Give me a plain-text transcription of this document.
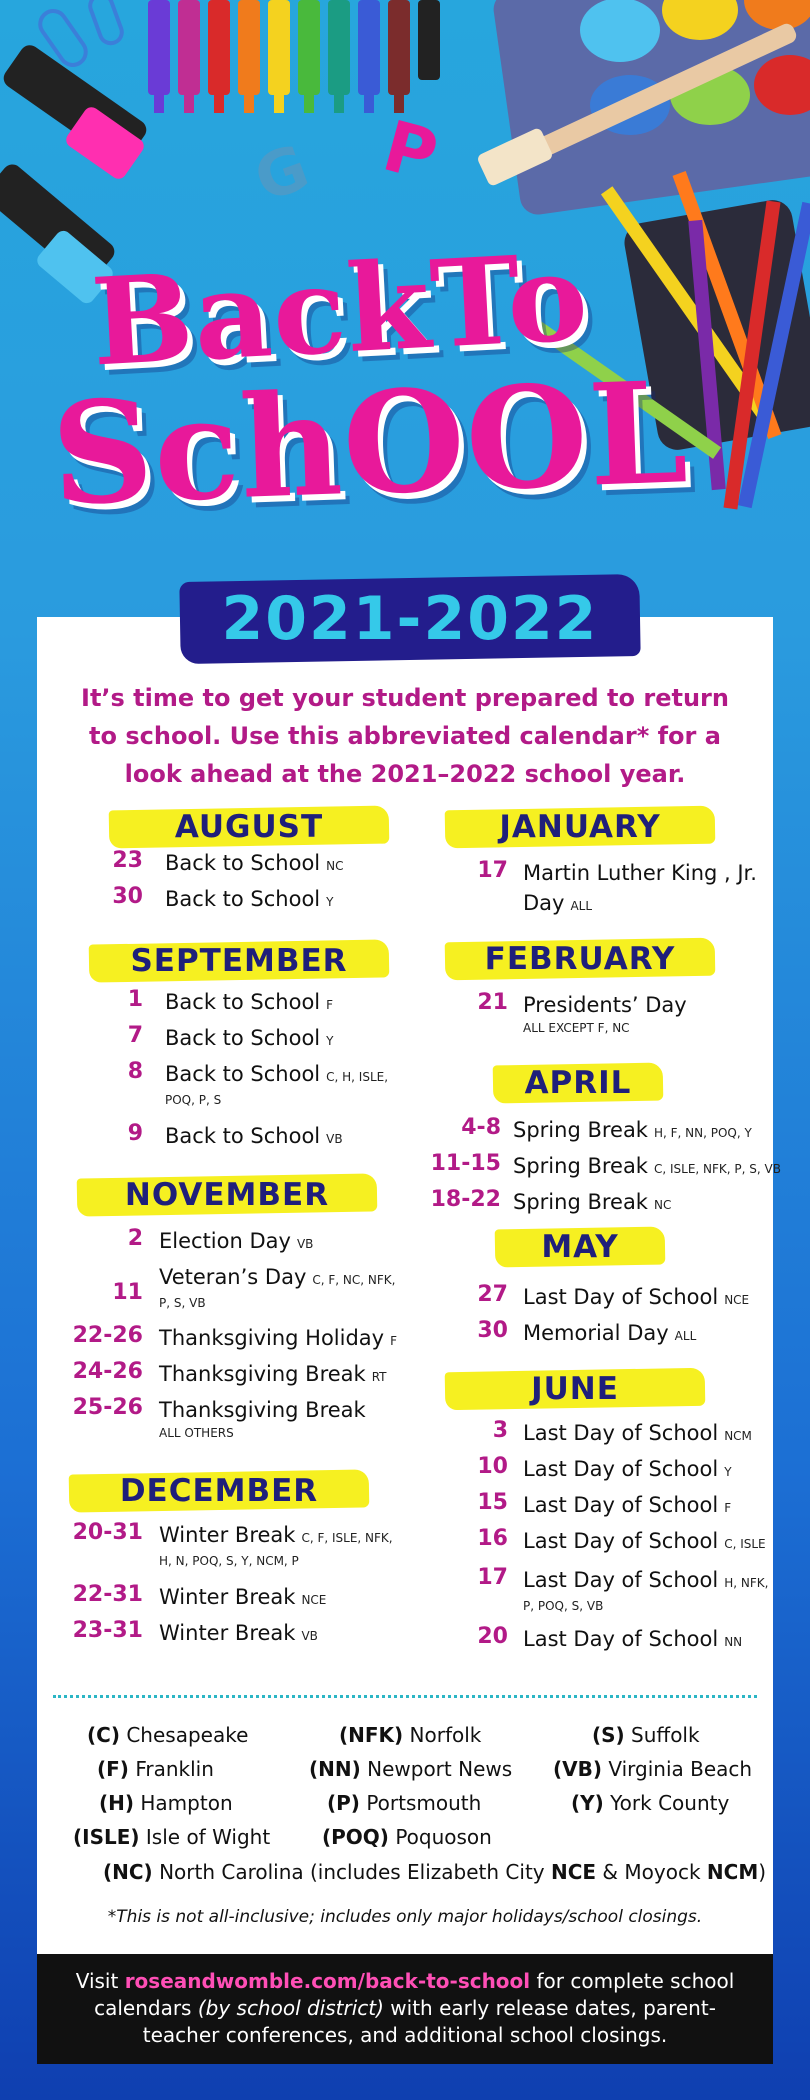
G P
BackTo
SchOOL
It’s time to get your student prepared to return to school. Use this abbreviated calendar* for a look ahead at the 2021–2022 school year.
AUGUST
23 Back to School NC
30 Back to School Y
SEPTEMBER
1 Back to School F
7 Back to School Y
8 Back to School C, H, ISLE,
POQ, P, S
9 Back to School VB
NOVEMBER
2 Election Day VB
11
Veteran’s Day C, F, NC, NFK,
P, S, VB
22-26 Thanksgiving Holiday F
24-26 Thanksgiving Break RT
25-26 Thanksgiving Break
ALL OTHERS
DECEMBER
20-31 Winter Break C, F, ISLE, NFK,
H, N, POQ, S, Y, NCM, P
22-31 Winter Break NCE
23-31 Winter Break VB
JANUARY
17 Martin Luther King , Jr.
Day ALL
FEBRUARY
21 Presidents’ Day
ALL EXCEPT F, NC
APRIL
4-8 Spring Break H, F, NN, POQ, Y
11-15 Spring Break C, ISLE, NFK, P, S, VB
18-22 Spring Break NC
MAY
27 Last Day of School NCE
30 Memorial Day ALL
JUNE
3 Last Day of School NCM
10 Last Day of School Y
15 Last Day of School F
16 Last Day of School C, ISLE
17 Last Day of School H, NFK,
P, POQ, S, VB
20 Last Day of School NN
(C) Chesapeake
(F) Franklin
(H) Hampton
(ISLE) Isle of Wight
(NFK) Norfolk
(NN) Newport News
(P) Portsmouth
(POQ) Poquoson
(S) Suffolk
(VB) Virginia Beach
(Y) York County
(NC) North Carolina (includes Elizabeth City NCE & Moyock NCM)
*This is not all-inclusive; includes only major holidays/school closings.
2021-2022
Visit roseandwomble.com/back-to-school for complete school calendars (by school district) with early release dates, parent-teacher conferences, and additional school closings.
